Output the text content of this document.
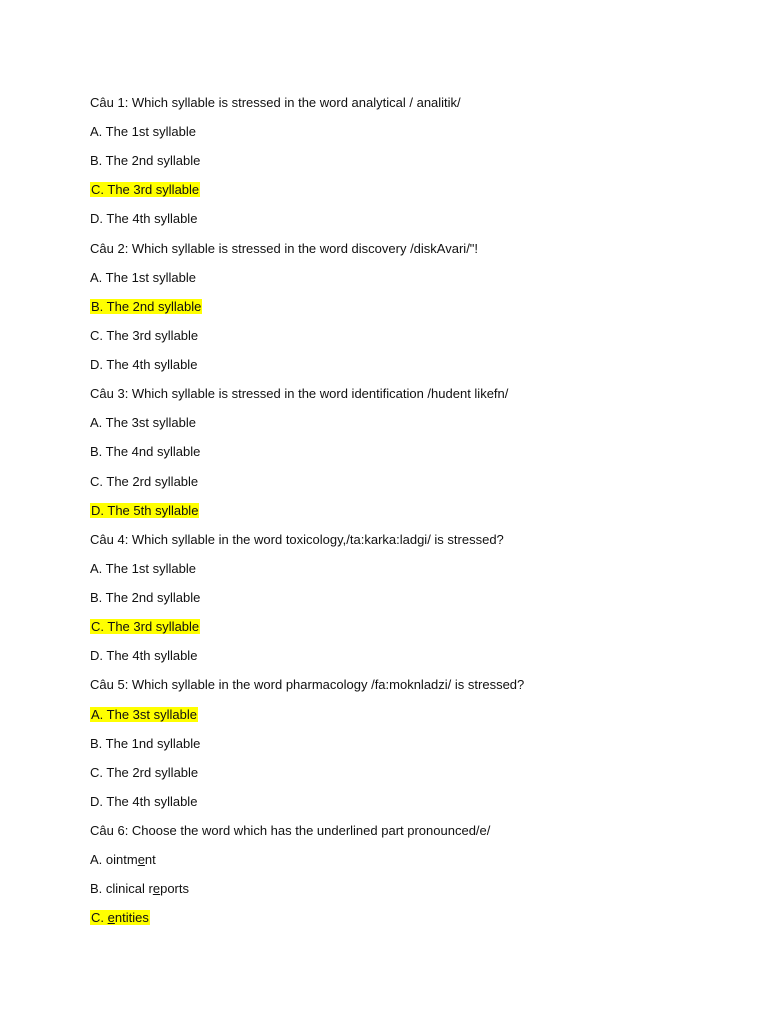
Câu 1: Which syllable is stressed in the word analytical / analitik/
A. The 1st syllable
B. The 2nd syllable
C. The 3rd syllable
D. The 4th syllable
Câu 2: Which syllable is stressed in the word discovery /diskAvari/"!
A. The 1st syllable
B. The 2nd syllable
C. The 3rd syllable
D. The 4th syllable
Câu 3: Which syllable is stressed in the word identification /hudent likefn/
A. The 3st syllable
B. The 4nd syllable
C. The 2rd syllable
D. The 5th syllable
Câu 4: Which syllable in the word toxicology,/ta:karka:ladgi/ is stressed?
A. The 1st syllable
B. The 2nd syllable
C. The 3rd syllable
D. The 4th syllable
Câu 5: Which syllable in the word pharmacology /fa:moknladzi/ is stressed?
A. The 3st syllable
B. The 1nd syllable
C. The 2rd syllable
D. The 4th syllable
Câu 6: Choose the word which has the underlined part pronounced/e/
A. ointment
B. clinical reports
C. entities
